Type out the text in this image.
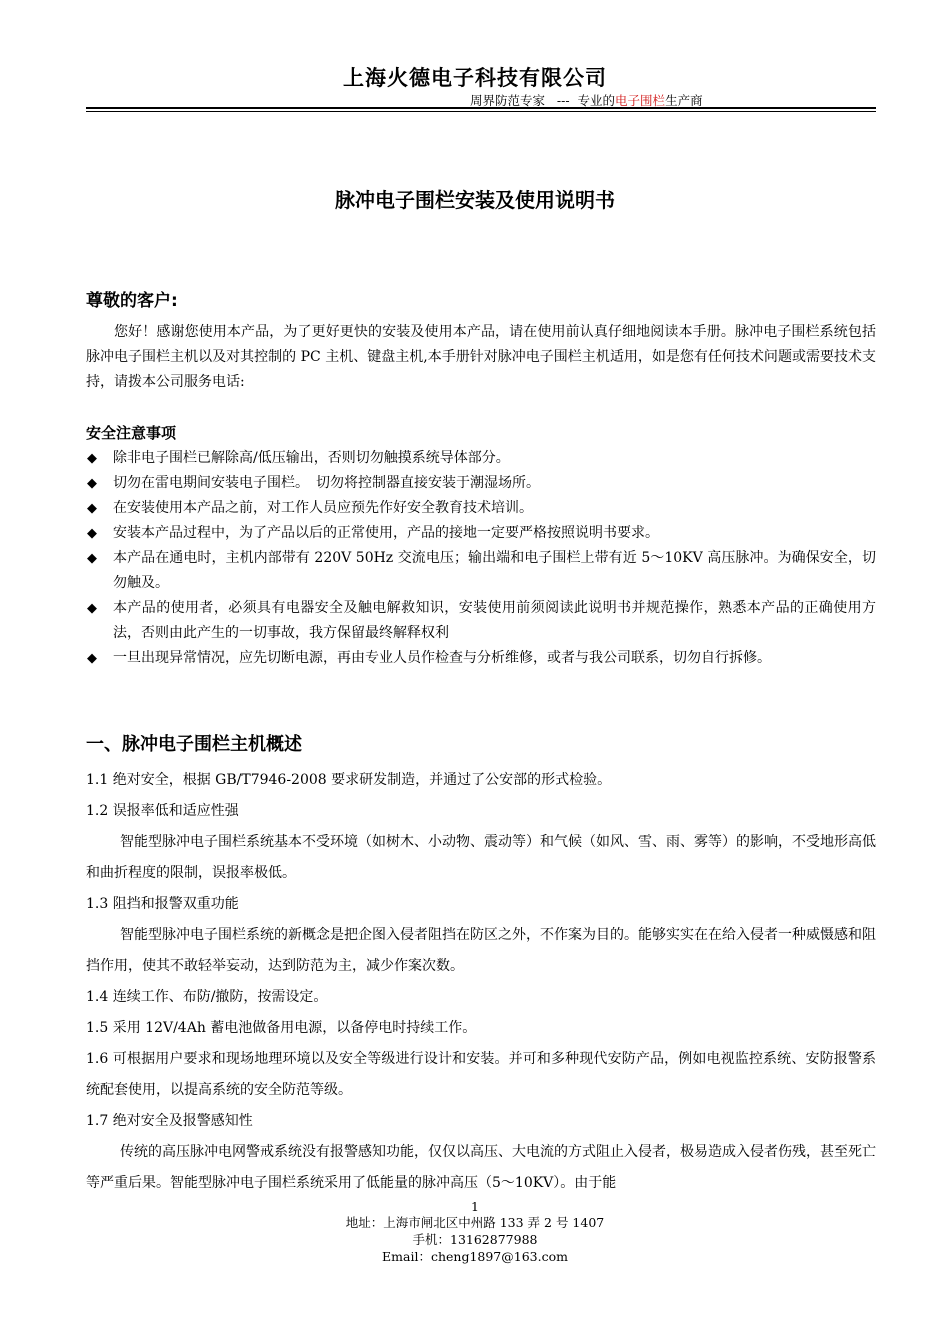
上海火德电子科技有限公司
周界防范专家   ---  专业的电子围栏生产商
脉冲电子围栏安装及使用说明书
尊敬的客户:
您好！感谢您使用本产品，为了更好更快的安装及使用本产品，请在使用前认真仔细地阅读本手册。脉冲电子围栏系统包括脉冲电子围栏主机以及对其控制的 PC 主机、键盘主机,本手册针对脉冲电子围栏主机适用，如是您有任何技术问题或需要技术支持，请拨本公司服务电话:
安全注意事项
◆ 除非电子围栏已解除高/低压输出，否则切勿触摸系统导体部分。
◆ 切勿在雷电期间安装电子围栏。　切勿将控制器直接安装于潮湿场所。
◆ 在安装使用本产品之前，对工作人员应预先作好安全教育技术培训。
◆ 安装本产品过程中，为了产品以后的正常使用，产品的接地一定要严格按照说明书要求。
◆ 本产品在通电时，主机内部带有 220V 50Hz 交流电压；输出端和电子围栏上带有近 5～10KV 高压脉冲。为确保安全，切勿触及。
◆ 本产品的使用者，必须具有电器安全及触电解救知识，安装使用前须阅读此说明书并规范操作，熟悉本产品的正确使用方法，否则由此产生的一切事故，我方保留最终解释权利
◆ 一旦出现异常情况，应先切断电源，再由专业人员作检查与分析维修，或者与我公司联系，切勿自行拆修。
一、脉冲电子围栏主机概述
1.1 绝对安全，根据 GB/T7946-2008 要求研发制造，并通过了公安部的形式检验。
1.2 误报率低和适应性强
智能型脉冲电子围栏系统基本不受环境（如树木、小动物、震动等）和气候（如风、雪、雨、雾等）的影响，不受地形高低和曲折程度的限制，误报率极低。
1.3 阻挡和报警双重功能
智能型脉冲电子围栏系统的新概念是把企图入侵者阻挡在防区之外，不作案为目的。能够实实在在给入侵者一种威慑感和阻挡作用，使其不敢轻举妄动，达到防范为主，减少作案次数。
1.4 连续工作、布防/撤防，按需设定。
1.5 采用 12V/4Ah 蓄电池做备用电源，以备停电时持续工作。
1.6 可根据用户要求和现场地理环境以及安全等级进行设计和安装。并可和多种现代安防产品，例如电视监控系统、安防报警系统配套使用，以提高系统的安全防范等级。
1.7 绝对安全及报警感知性
传统的高压脉冲电网警戒系统没有报警感知功能，仅仅以高压、大电流的方式阻止入侵者，极易造成入侵者伤残，甚至死亡等严重后果。智能型脉冲电子围栏系统采用了低能量的脉冲高压（5～10KV）。由于能
1
地址：上海市闸北区中州路 133 弄 2 号 1407
手机：13162877988
Email：cheng1897@163.com
